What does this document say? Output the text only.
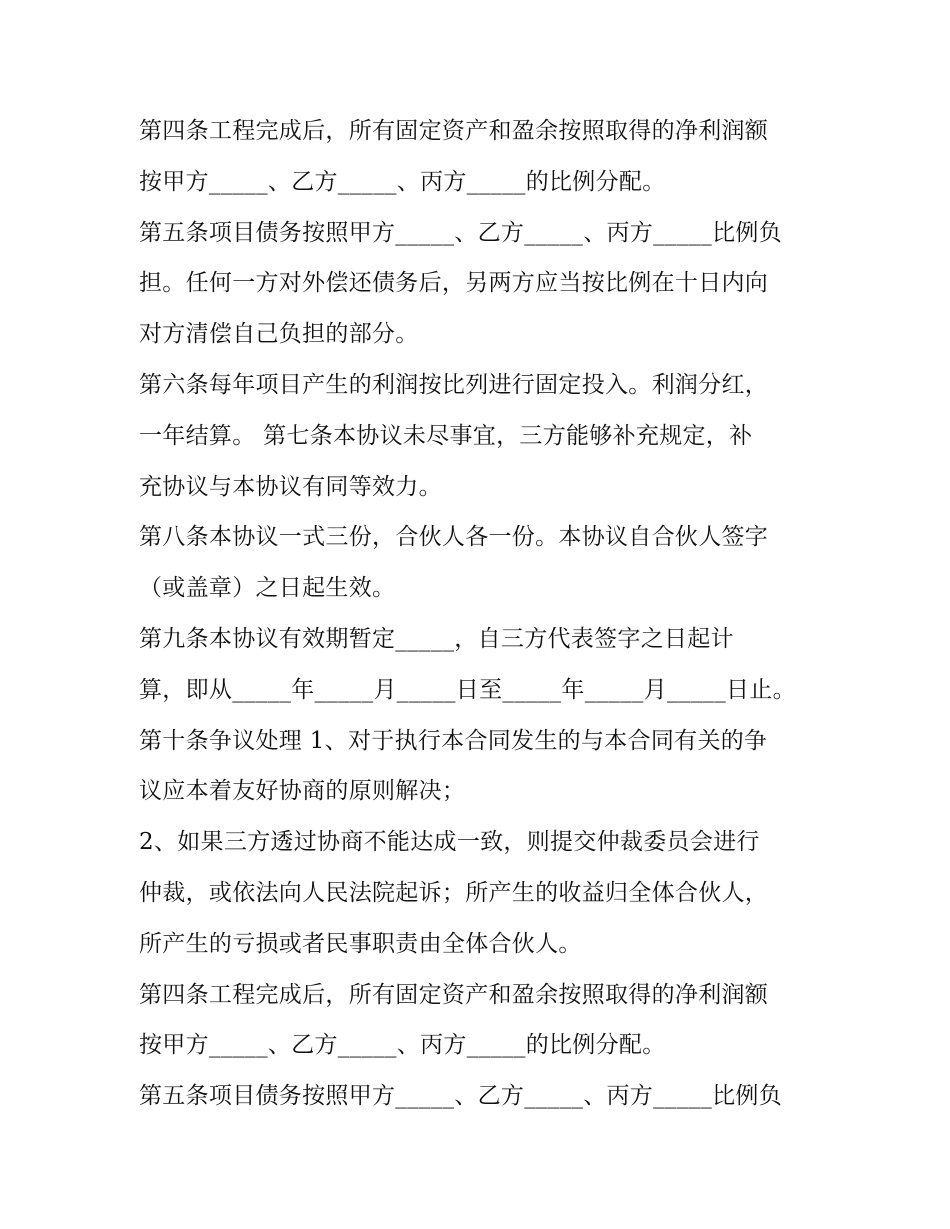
第四条工程完成后，所有固定资产和盈余按照取得的净利润额
按甲方_____、乙方_____、丙方_____的比例分配。
第五条项目债务按照甲方_____、乙方_____、丙方_____比例负
担。任何一方对外偿还债务后，另两方应当按比例在十日内向
对方清偿自己负担的部分。
第六条每年项目产生的利润按比列进行固定投入。利润分红，
一年结算。 第七条本协议未尽事宜，三方能够补充规定，补
充协议与本协议有同等效力。
第八条本协议一式三份，合伙人各一份。本协议自合伙人签字
（或盖章）之日起生效。
第九条本协议有效期暂定_____，自三方代表签字之日起计
算，即从_____年_____月_____日至_____年_____月_____日止。
第十条争议处理 1、对于执行本合同发生的与本合同有关的争
议应本着友好协商的原则解决；
2、如果三方透过协商不能达成一致，则提交仲裁委员会进行
仲裁，或依法向人民法院起诉；所产生的收益归全体合伙人，
所产生的亏损或者民事职责由全体合伙人。
第四条工程完成后，所有固定资产和盈余按照取得的净利润额
按甲方_____、乙方_____、丙方_____的比例分配。
第五条项目债务按照甲方_____、乙方_____、丙方_____比例负
